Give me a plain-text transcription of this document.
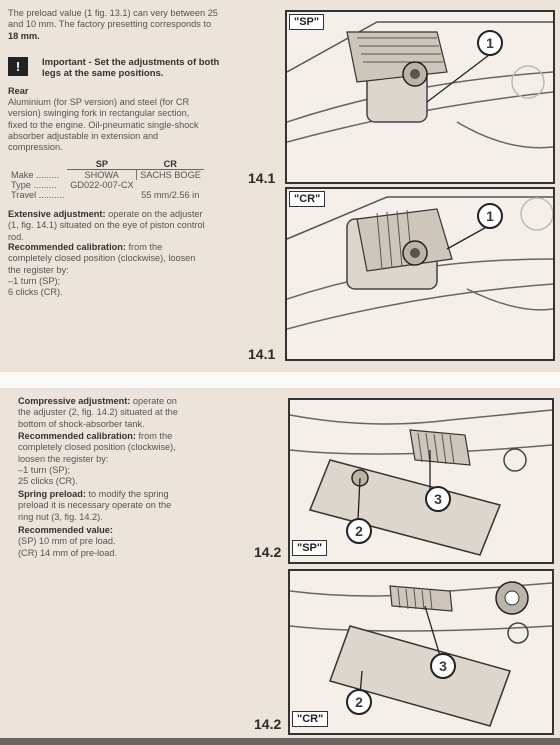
The preload value (1 fig. 13.1) can very between 25 and 10 mm. The factory presetting corresponds to 18 mm.
! Important - Set the adjustments of both legs at the same positions.
Rear
Aluminium (for SP version) and steel (for CR version) swinging fork in rectangular section, fixed to the engine. Oil-pneumatic single-shock absorber adjustable in extension and compression.
	SP	CR
Make .........	SHOWA	SACHS BOGE
Type .........	GD022-007-CX	
Travel ..........		55 mm/2.56 in
Extensive adjustment: operate on the adjuster (1, fig. 14.1) situated on the eye of piston control rod.
Recommended calibration: from the completely closed position (clockwise), loosen the register by:
–1 turn (SP);
6 clicks (CR).
14.1
14.1
"SP"
1
"CR"
1
Compressive adjustment: operate on the adjuster (2, fig. 14.2) situated at the bottom of shock-absorber tank.
Recommended calibration: from the completely closed position (clockwise), loosen the register by:
–1 turn (SP);
25 clicks (CR).
Spring preload: to modify the spring preload it is necessary operate on the ring nut (3, fig. 14.2).
Recommended value:
(SP) 10 mm of pre load.
(CR) 14 mm of pre-load.	14.2
14.2
3
2
"SP"
3
2
"CR"
